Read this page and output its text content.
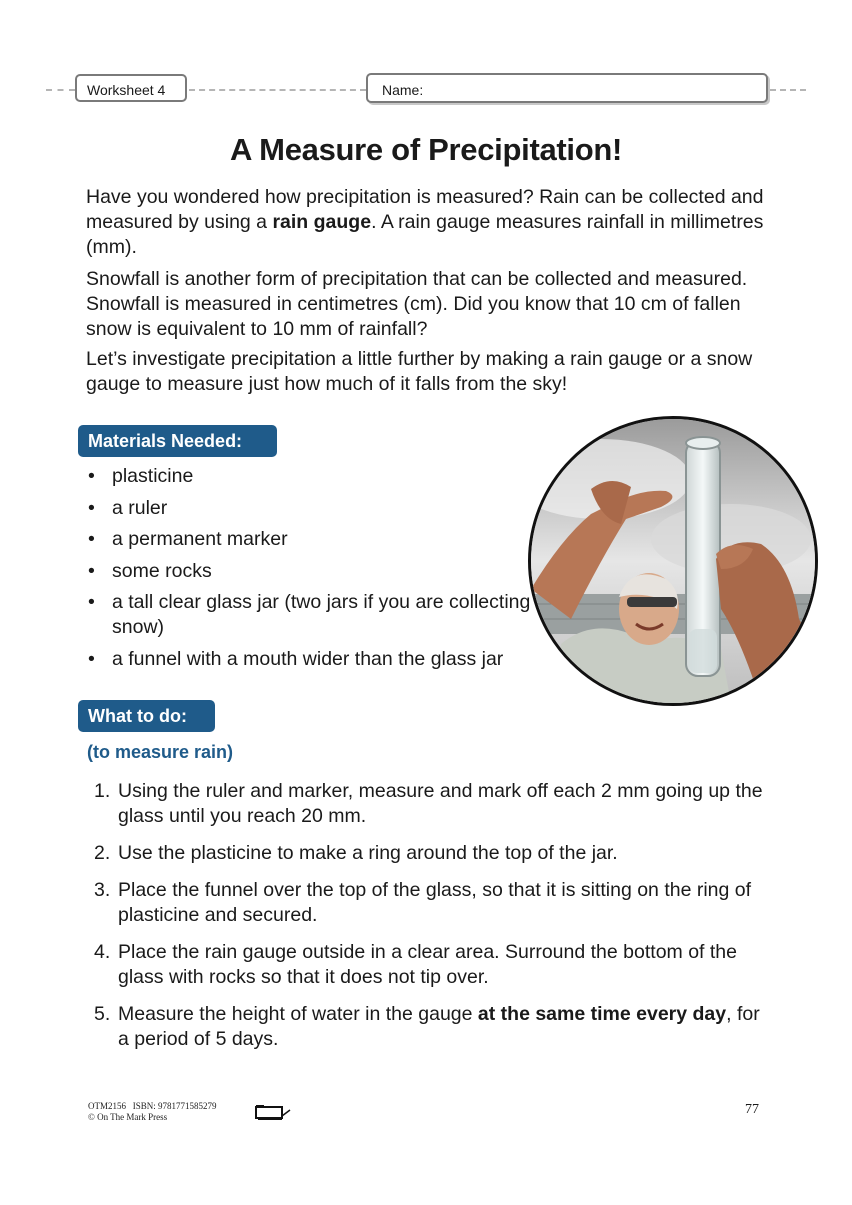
Worksheet 4	Name:
A Measure of Precipitation!
Have you wondered how precipitation is measured? Rain can be collected and measured by using a rain gauge. A rain gauge measures rainfall in millimetres (mm).
Snowfall is another form of precipitation that can be collected and measured. Snowfall is measured in centimetres (cm). Did you know that 10 cm of fallen snow is equivalent to 10 mm of rainfall?
Let’s investigate precipitation a little further by making a rain gauge or a snow gauge to measure just how much of it falls from the sky!
Materials Needed:
• plasticine
• a ruler
• a permanent marker
• some rocks
• a tall clear glass jar (two jars if you are collecting snow)
• a funnel with a mouth wider than the glass jar
What to do:
(to measure rain)
1. Using the ruler and marker, measure and mark off each 2 mm going up the glass until you reach 20 mm.
2. Use the plasticine to make a ring around the top of the jar.
3. Place the funnel over the top of the glass, so that it is sitting on the ring of plasticine and secured.
4. Place the rain gauge outside in a clear area. Surround the bottom of the glass with rocks so that it does not tip over.
5. Measure the height of water in the gauge at the same time every day, for a period of 5 days.
OTM2156   ISBN: 9781771585279
© On The Mark Press	77
